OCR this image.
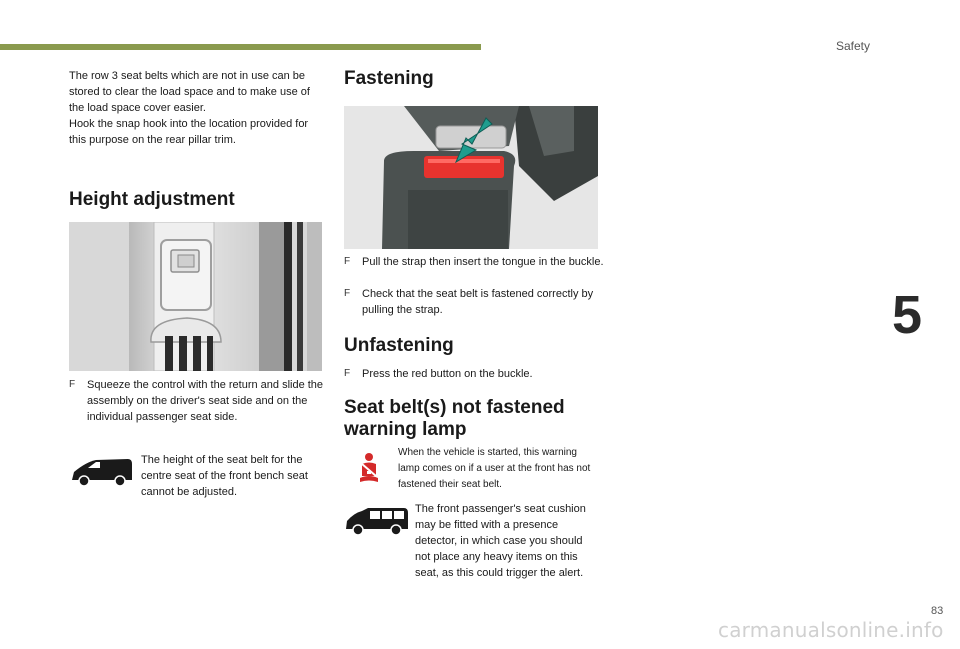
Safety
5
83
carmanualsonline.info

The row 3 seat belts which are not in use can be stored to clear the load space and to make use of the load space cover easier.

Hook the snap hook into the location provided for this purpose on the rear pillar trim.

Height adjustment
F Squeeze the control with the return and slide the assembly on the driver's seat side and on the individual passenger seat side.
The height of the seat belt for the centre seat of the front bench seat cannot be adjusted.
Fastening
F Pull the strap then insert the tongue in the buckle.
F Check that the seat belt is fastened correctly by pulling the strap.
Unfastening
F Press the red button on the buckle.
Seat belt(s) not fastened
warning lamp
When the vehicle is started, this warning lamp comes on if a user at the front has not fastened their seat belt.
The front passenger's seat cushion may be fitted with a presence detector, in which case you should not place any heavy items on this seat, as this could trigger the alert.
